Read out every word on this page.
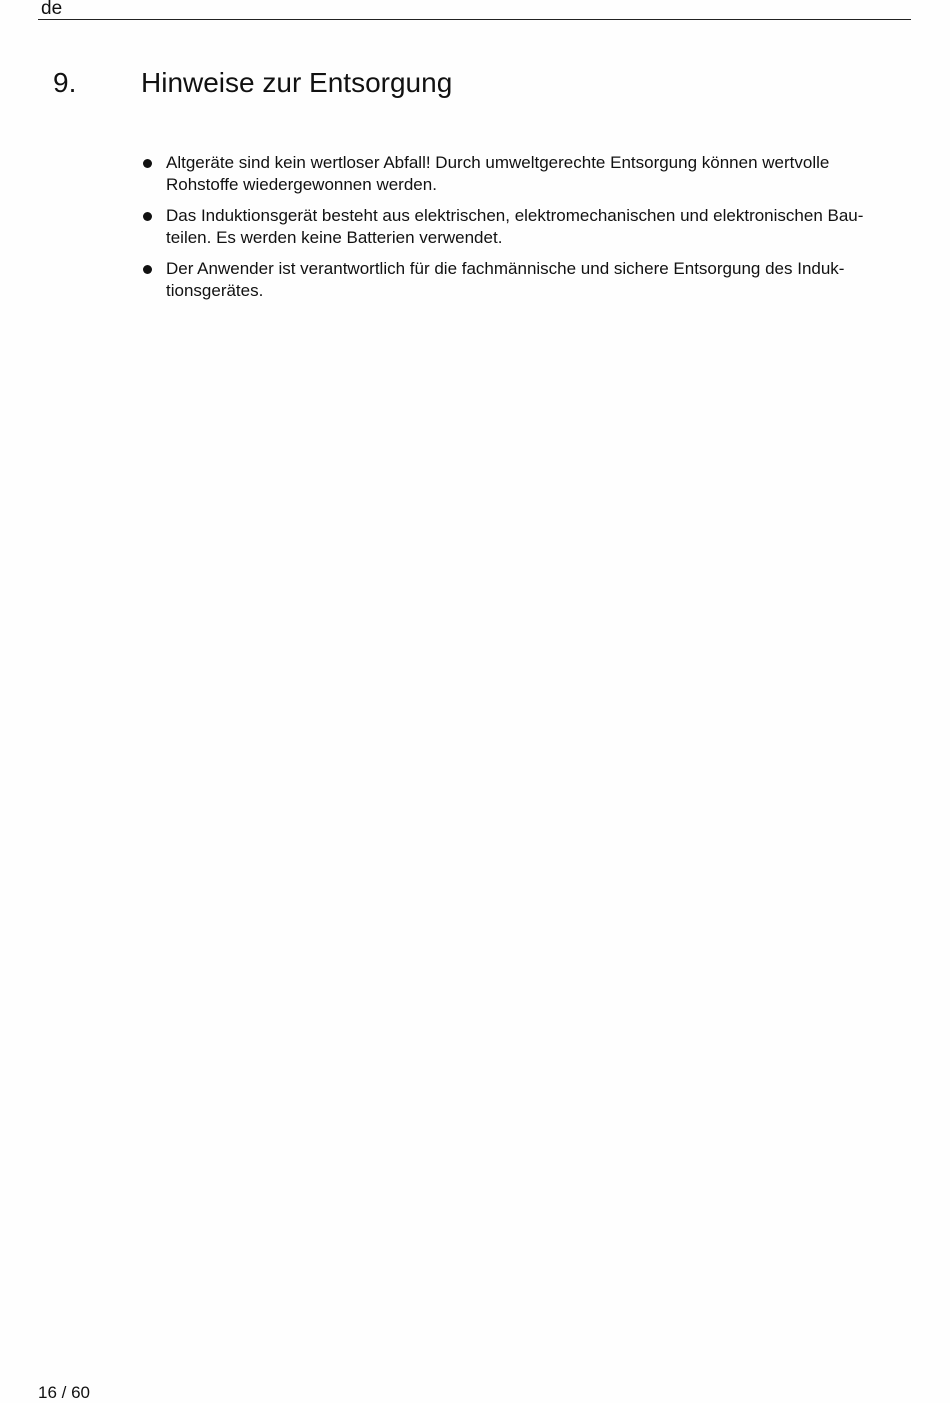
de
9. Hinweise zur Entsorgung
Altgeräte sind kein wertloser Abfall! Durch umweltgerechte Entsorgung können wertvolle
Rohstoffe wiedergewonnen werden.
Das Induktionsgerät besteht aus elektrischen, elektromechanischen und elektronischen Bau-
teilen. Es werden keine Batterien verwendet.
Der Anwender ist verantwortlich für die fachmännische und sichere Entsorgung des Induk-
tionsgerätes.
16 / 60
